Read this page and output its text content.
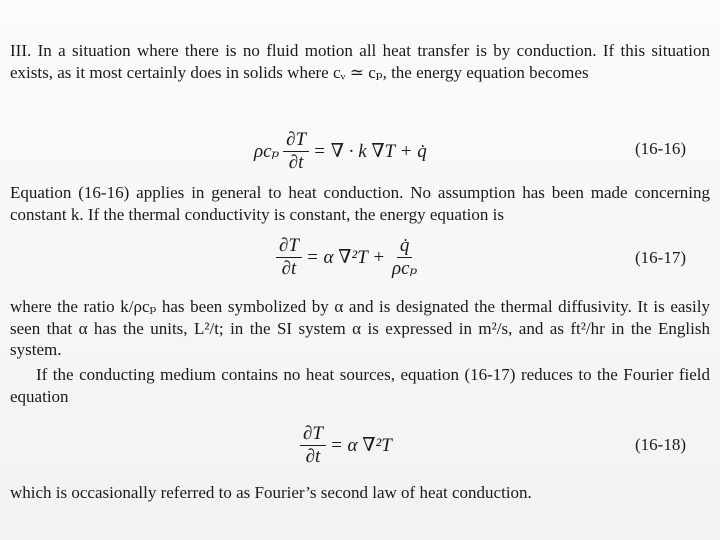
III. In a situation where there is no fluid motion all heat transfer is by conduction. If this situation exists, as it most certainly does in solids where cᵥ ≃ cₚ, the energy equation becomes
ρcₚ $\frac{\partial T}{\partial t}$ = ∇ · k ∇T + q̇	(16-16)
Equation (16-16) applies in general to heat conduction. No assumption has been made concerning constant k. If the thermal conductivity is constant, the energy equation is
$\frac{\partial T}{\partial t} = \alpha$ $\nabla^2T + \frac{q̇}{\text{ρcₚ}}$	(16-17)
where the ratio k/ρcₚ has been symbolized by α and is designated the thermal diffusivity. It is easily seen that α has the units, L²/t; in the SI system α is expressed in m²/s, and as ft²/hr in the English system.
If the conducting medium contains no heat sources, equation (16-17) reduces to the Fourier field equation
$\frac{\partial T}{\partial t} = \alpha$ ∇²T	(16-18)
which is occasionally referred to as Fourier’s second law of heat conduction.
